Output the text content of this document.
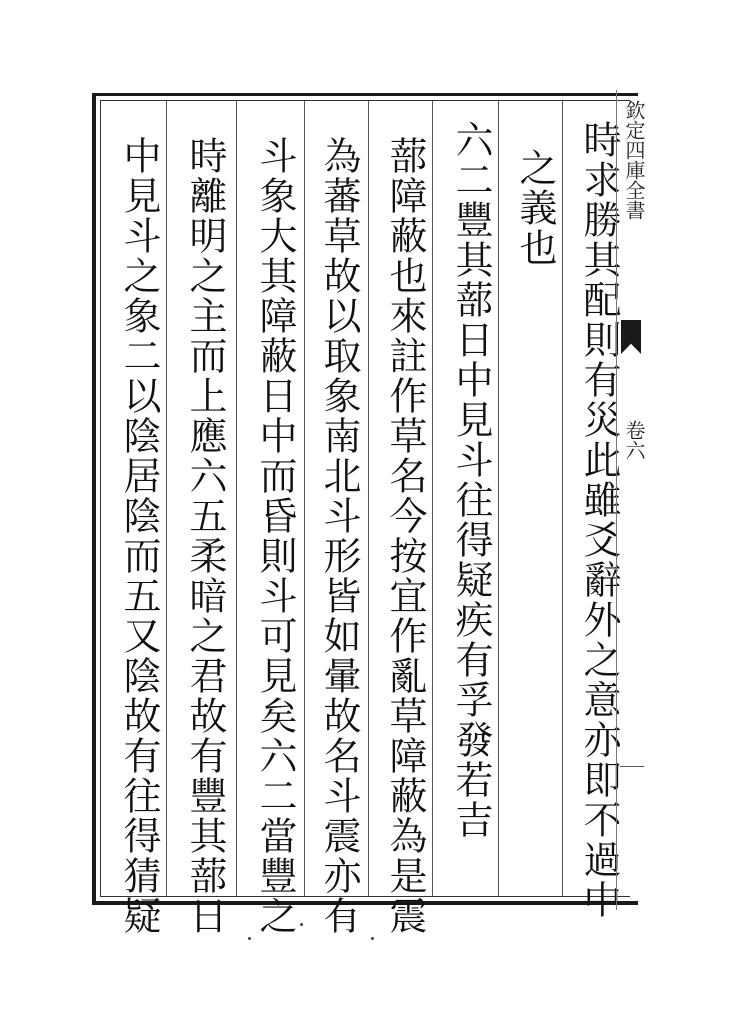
時求勝其配則有災此雖爻辭外之意亦即不過中
之義也
六二豐其蔀日中見斗往得疑疾有孚發若吉
蔀障蔽也來註作草名今按宜作亂草障蔽為是震
為蕃草故以取象南北斗形皆如暈故名斗震亦有
斗象大其障蔽日中而昏則斗可見矣六二當豐之
時離明之主而上應六五柔暗之君故有豐其蔀日
中見斗之象二以陰居陰而五又陰故有往得猜疑	欽定四庫全書
卷六
